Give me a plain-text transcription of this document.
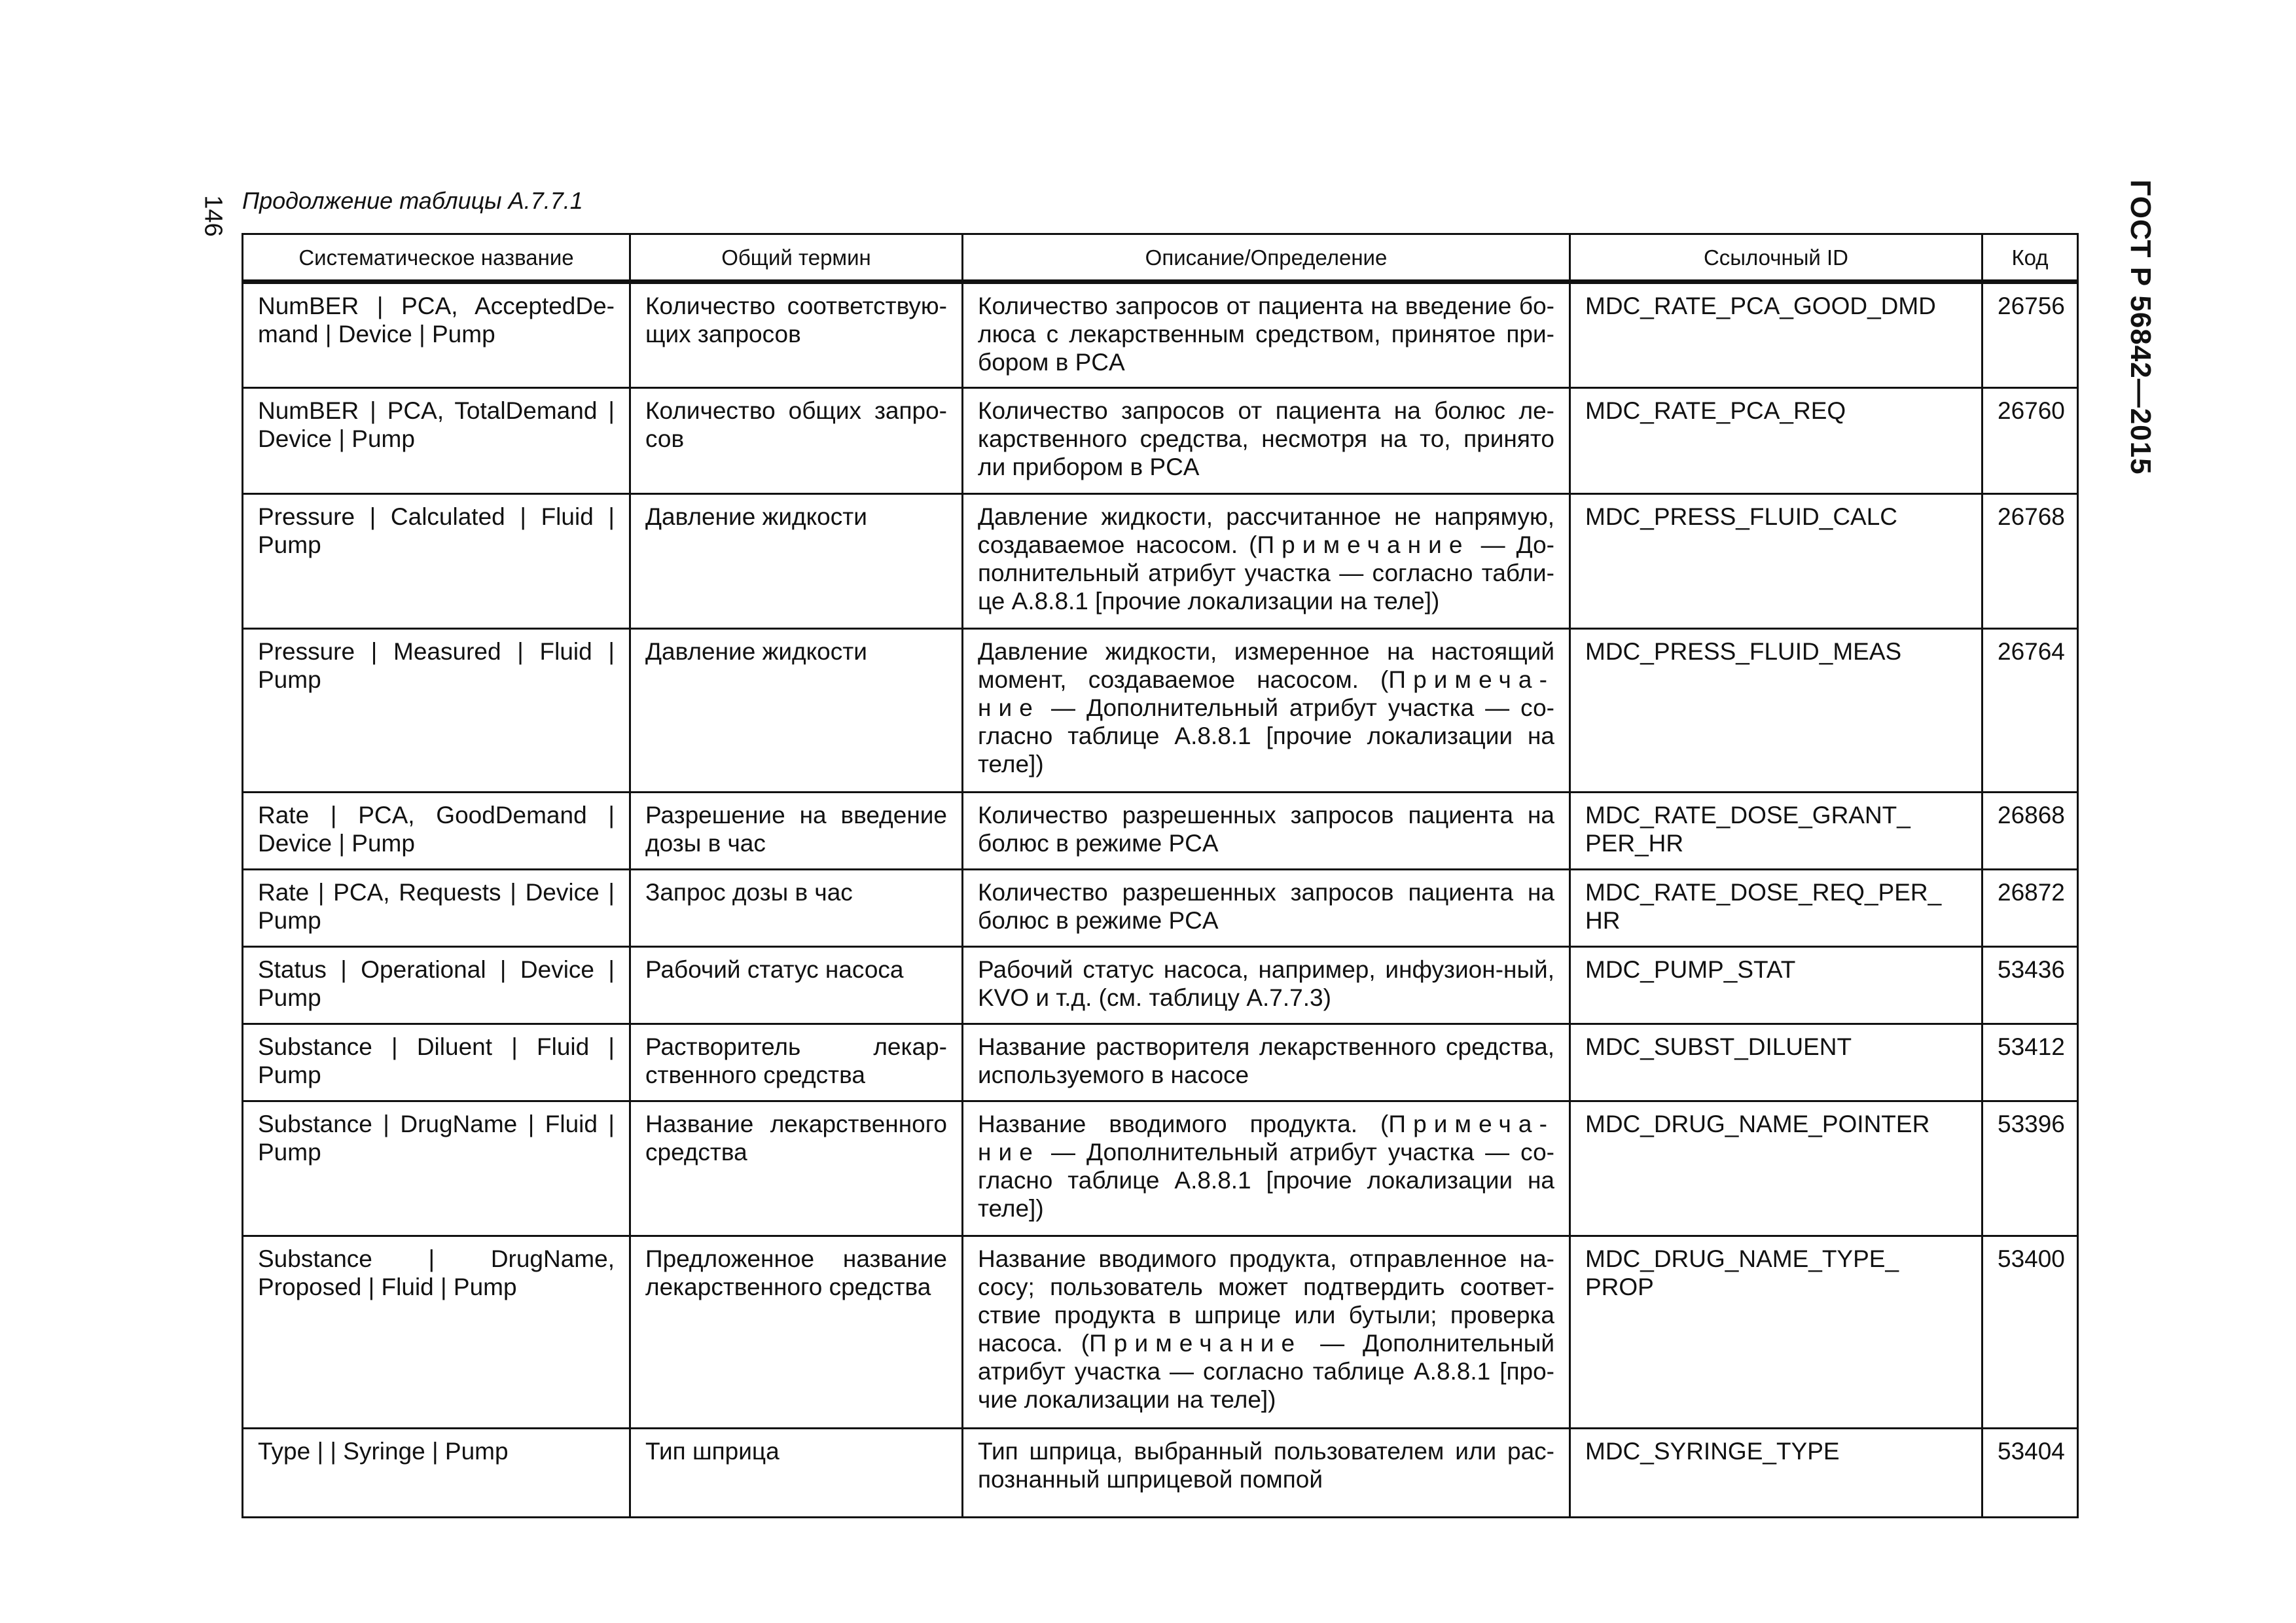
146	ГОСТ Р 56842—2015
Продолжение таблицы А.7.7.1
Систематическое название	Общий термин	Описание/Определение	Ссылочный ID	Код
NumBER | PCA, AcceptedDe-mand | Device | Pump	Количество соответствую-щих запросов	Количество запросов от пациента на введение бо-люса с лекарственным средством, принятое при-бором в PCA	MDC_RATE_PCA_GOOD_DMD	26756
NumBER | PCA, TotalDemand | Device | Pump	Количество общих запро-сов	Количество запросов от пациента на болюс ле-карственного средства, несмотря на то, принято ли прибором в PCA	MDC_RATE_PCA_REQ	26760
Pressure | Calculated | Fluid | Pump	Давление жидкости	Давление жидкости, рассчитанное не напрямую, создаваемое насосом. (Примечание — До-полнительный атрибут участка — согласно табли-це А.8.8.1 [прочие локализации на теле])	MDC_PRESS_FLUID_CALC	26768
Pressure | Measured | Fluid | Pump	Давление жидкости	Давление жидкости, измеренное на настоящий момент, создаваемое насосом. (Примеча-ние — Дополнительный атрибут участка — со-гласно таблице А.8.8.1 [прочие локализации на теле])	MDC_PRESS_FLUID_MEAS	26764
Rate | PCA, GoodDemand | Device | Pump	Разрешение на введение дозы в час	Количество разрешенных запросов пациента на болюс в режиме PCA	MDC_RATE_DOSE_GRANT_ PER_HR	26868
Rate | PCA, Requests | Device | Pump	Запрос дозы в час	Количество разрешенных запросов пациента на болюс в режиме PCA	MDC_RATE_DOSE_REQ_PER_ HR	26872
Status | Operational | Device | Pump	Рабочий статус насоса	Рабочий статус насоса, например, инфузион-ный, KVO и т.д. (см. таблицу А.7.7.3)	MDC_PUMP_STAT	53436
Substance | Diluent | Fluid | Pump	Растворитель лекар-ственного средства	Название растворителя лекарственного средства, используемого в насосе	MDC_SUBST_DILUENT	53412
Substance | DrugName | Fluid | Pump	Название лекарственного средства	Название вводимого продукта. (Примеча-ние — Дополнительный атрибут участка — со-гласно таблице А.8.8.1 [прочие локализации на теле])	MDC_DRUG_NAME_POINTER	53396
Substance | DrugName, Proposed | Fluid | Pump	Предложенное название лекарственного средства	Название вводимого продукта, отправленное на-сосу; пользователь может подтвердить соответ-ствие продукта в шприце или бутыли; проверка насоса. (Примечание — Дополнительный атрибут участка — согласно таблице А.8.8.1 [про-чие локализации на теле])	MDC_DRUG_NAME_TYPE_ PROP	53400
Type | | Syringe | Pump	Тип шприца	Тип шприца, выбранный пользователем или рас-познанный шприцевой помпой	MDC_SYRINGE_TYPE	53404
